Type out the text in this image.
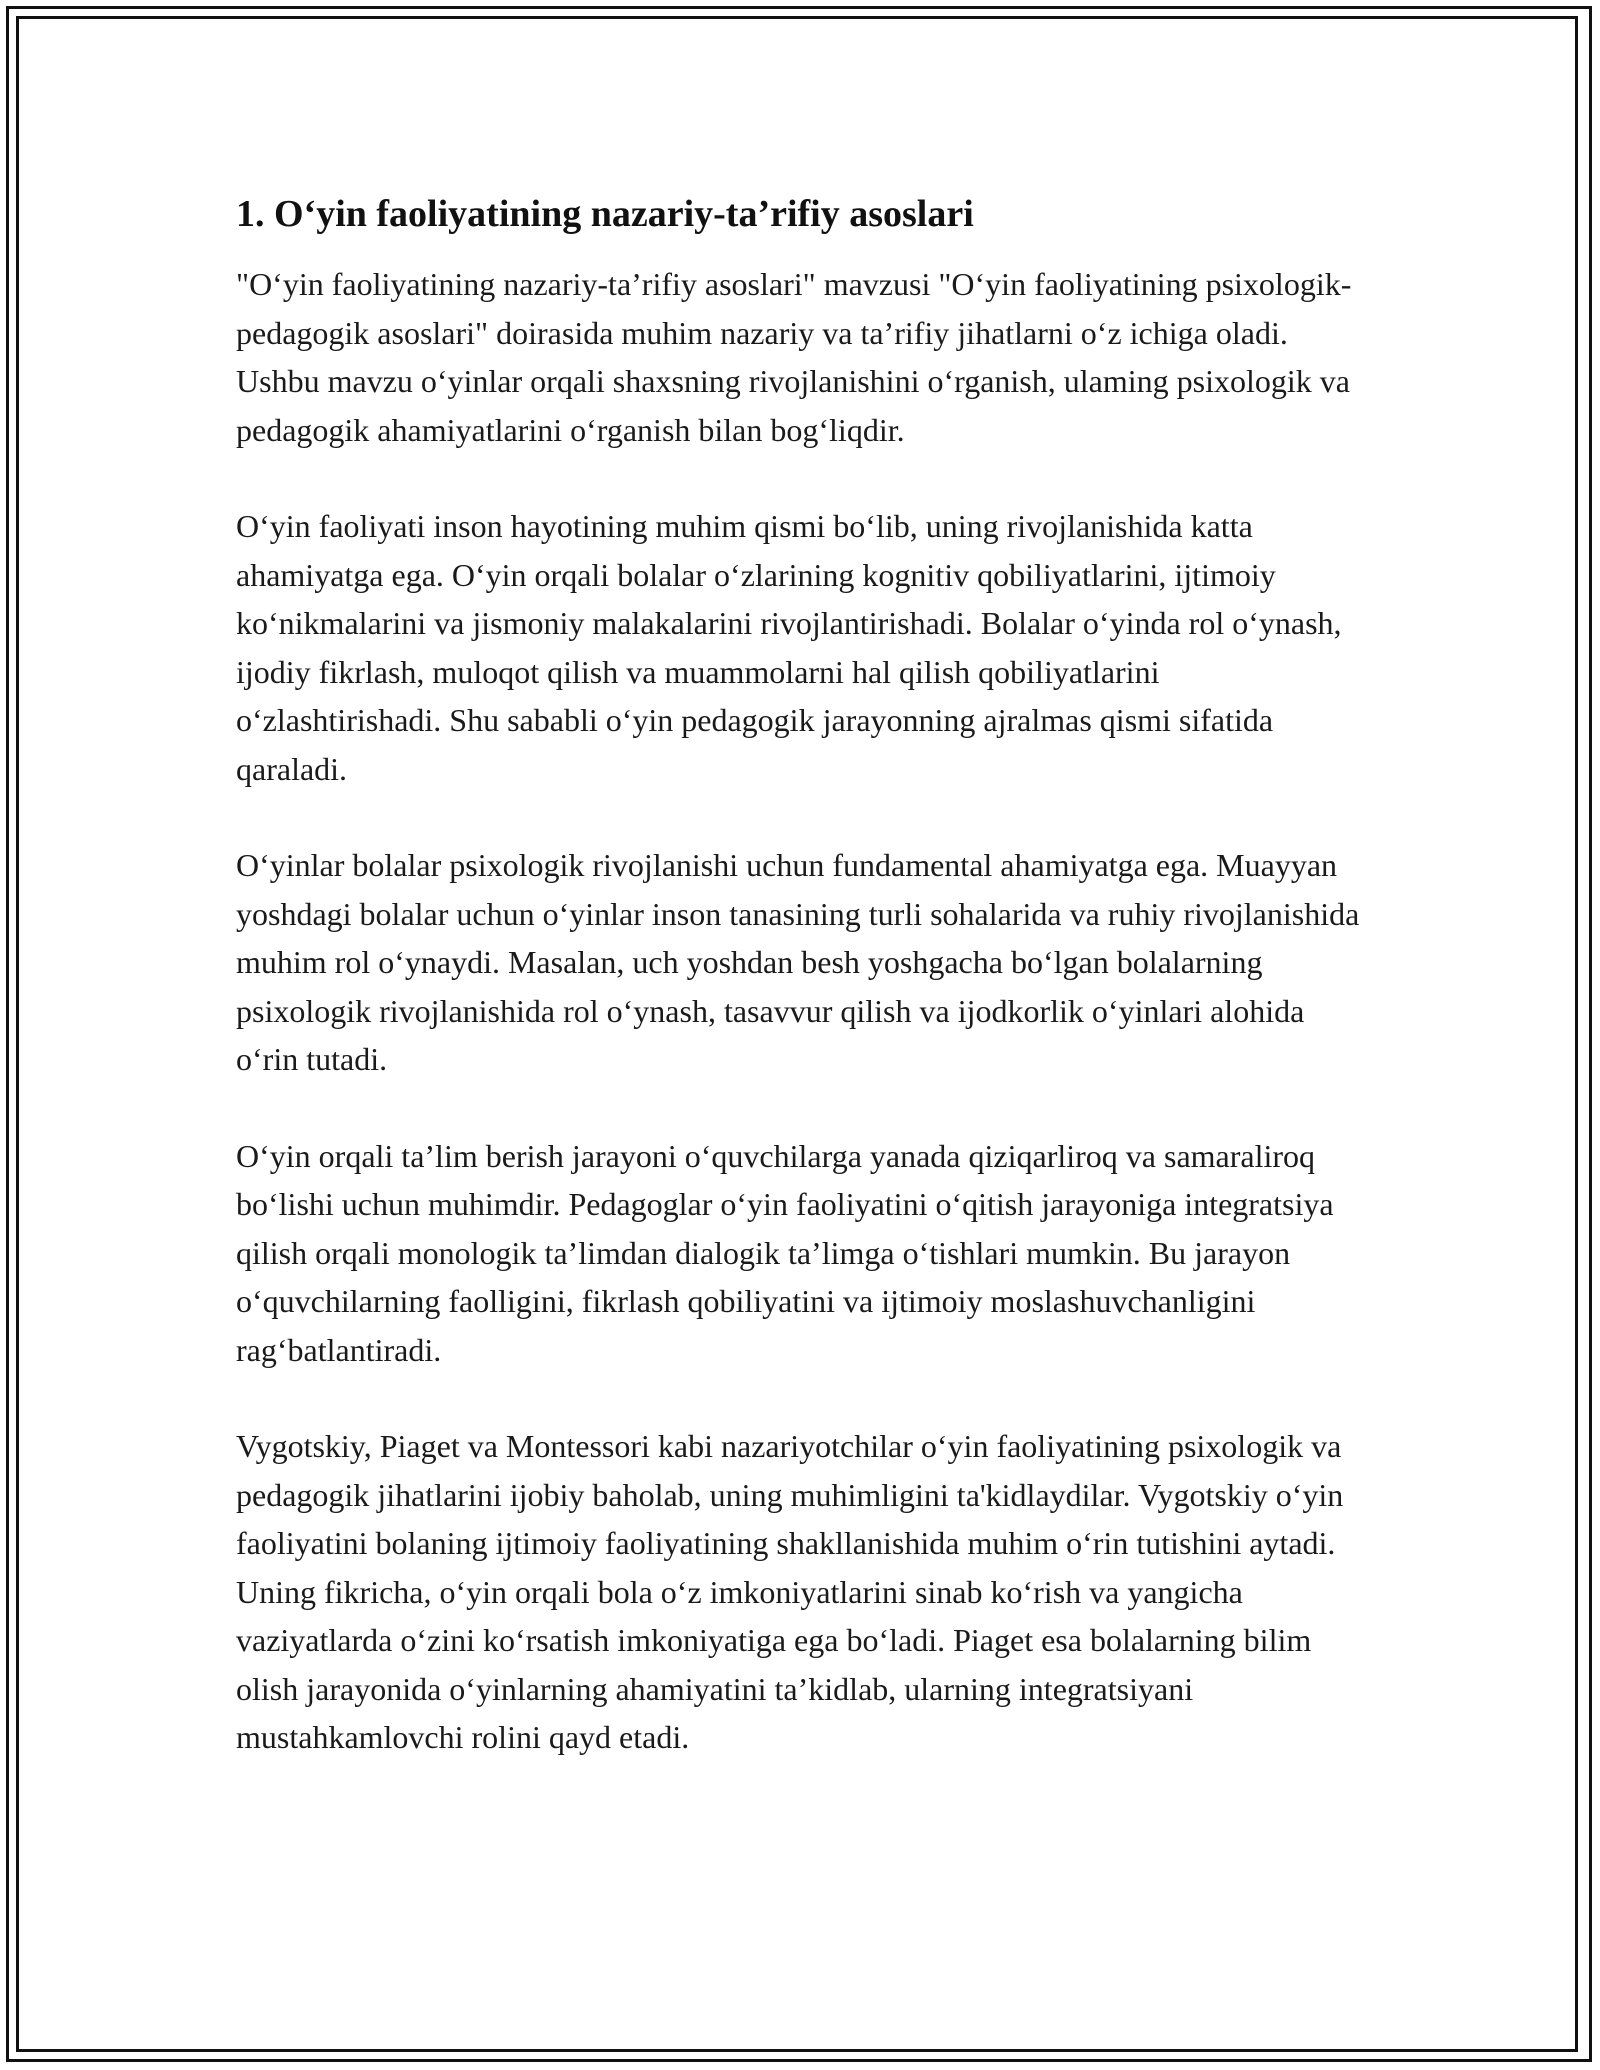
1. O‘yin faoliyatining nazariy-ta’rifiy asoslari

"O‘yin faoliyatining nazariy-ta’rifiy asoslari" mavzusi "O‘yin faoliyatining psixologik-pedagogik asoslari" doirasida muhim nazariy va ta’rifiy jihatlarni o‘z ichiga oladi. Ushbu mavzu o‘yinlar orqali shaxsning rivojlanishini o‘rganish, ulaming psixologik va pedagogik ahamiyatlarini o‘rganish bilan bog‘liqdir.

O‘yin faoliyati inson hayotining muhim qismi bo‘lib, uning rivojlanishida katta ahamiyatga ega. O‘yin orqali bolalar o‘zlarining kognitiv qobiliyatlarini, ijtimoiy ko‘nikmalarini va jismoniy malakalarini rivojlantirishadi. Bolalar o‘yinda rol o‘ynash, ijodiy fikrlash, muloqot qilish va muammolarni hal qilish qobiliyatlarini o‘zlashtirishadi. Shu sababli o‘yin pedagogik jarayonning ajralmas qismi sifatida qaraladi.

O‘yinlar bolalar psixologik rivojlanishi uchun fundamental ahamiyatga ega. Muayyan yoshdagi bolalar uchun o‘yinlar inson tanasining turli sohalarida va ruhiy rivojlanishida muhim rol o‘ynaydi. Masalan, uch yoshdan besh yoshgacha bo‘lgan bolalarning psixologik rivojlanishida rol o‘ynash, tasavvur qilish va ijodkorlik o‘yinlari alohida o‘rin tutadi.

O‘yin orqali ta’lim berish jarayoni o‘quvchilarga yanada qiziqarliroq va samaraliroq bo‘lishi uchun muhimdir. Pedagoglar o‘yin faoliyatini o‘qitish jarayoniga integratsiya qilish orqali monologik ta’limdan dialogik ta’limga o‘tishlari mumkin. Bu jarayon o‘quvchilarning faolligini, fikrlash qobiliyatini va ijtimoiy moslashuvchanligini rag‘batlantiradi.

Vygotskiy, Piaget va Montessori kabi nazariyotchilar o‘yin faoliyatining psixologik va pedagogik jihatlarini ijobiy baholab, uning muhimligini ta'kidlaydilar. Vygotskiy o‘yin faoliyatini bolaning ijtimoiy faoliyatining shakllanishida muhim o‘rin tutishini aytadi. Uning fikricha, o‘yin orqali bola o‘z imkoniyatlarini sinab ko‘rish va yangicha vaziyatlarda o‘zini ko‘rsatish imkoniyatiga ega bo‘ladi. Piaget esa bolalarning bilim olish jarayonida o‘yinlarning ahamiyatini ta’kidlab, ularning integratsiyani mustahkamlovchi rolini qayd etadi.
